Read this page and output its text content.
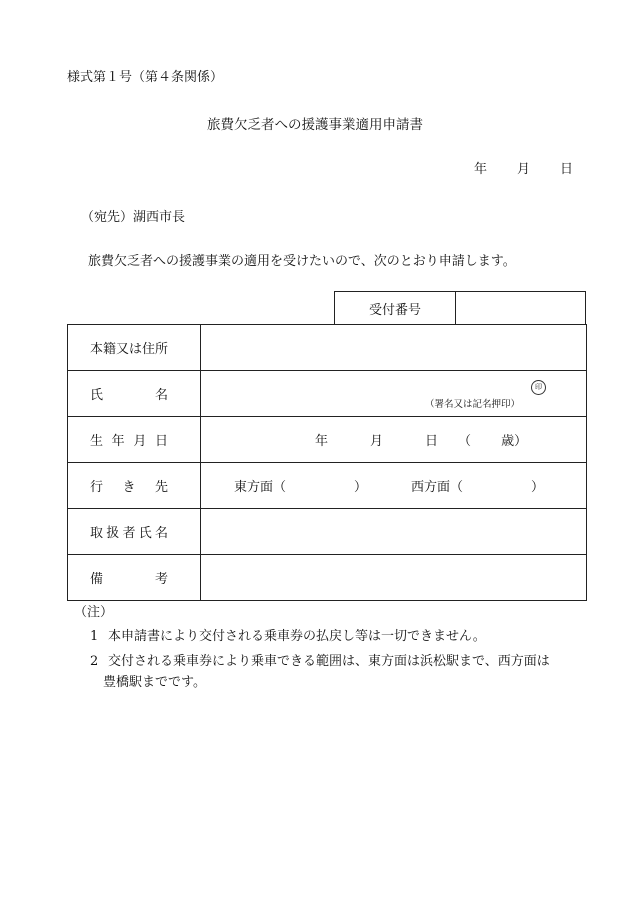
様式第１号（第４条関係）
旅費欠乏者への援護事業適用申請書
年 月 日
（宛先）湖西市長
旅費欠乏者への援護事業の適用を受けたいので、次のとおり申請します。
受付番号
本籍又は住所	

氏 名	印
（署名又は記名押印）

生年月日	年 月 日 （ 歳）

行 き 先	東方面（ ） 西方面（ ）

取扱者氏名	

備 考	

（注）
1 本申請書により交付される乗車券の払戻し等は一切できません。
2 交付される乗車券により乗車できる範囲は、東方面は浜松駅まで、西方面は
豊橋駅までです。
